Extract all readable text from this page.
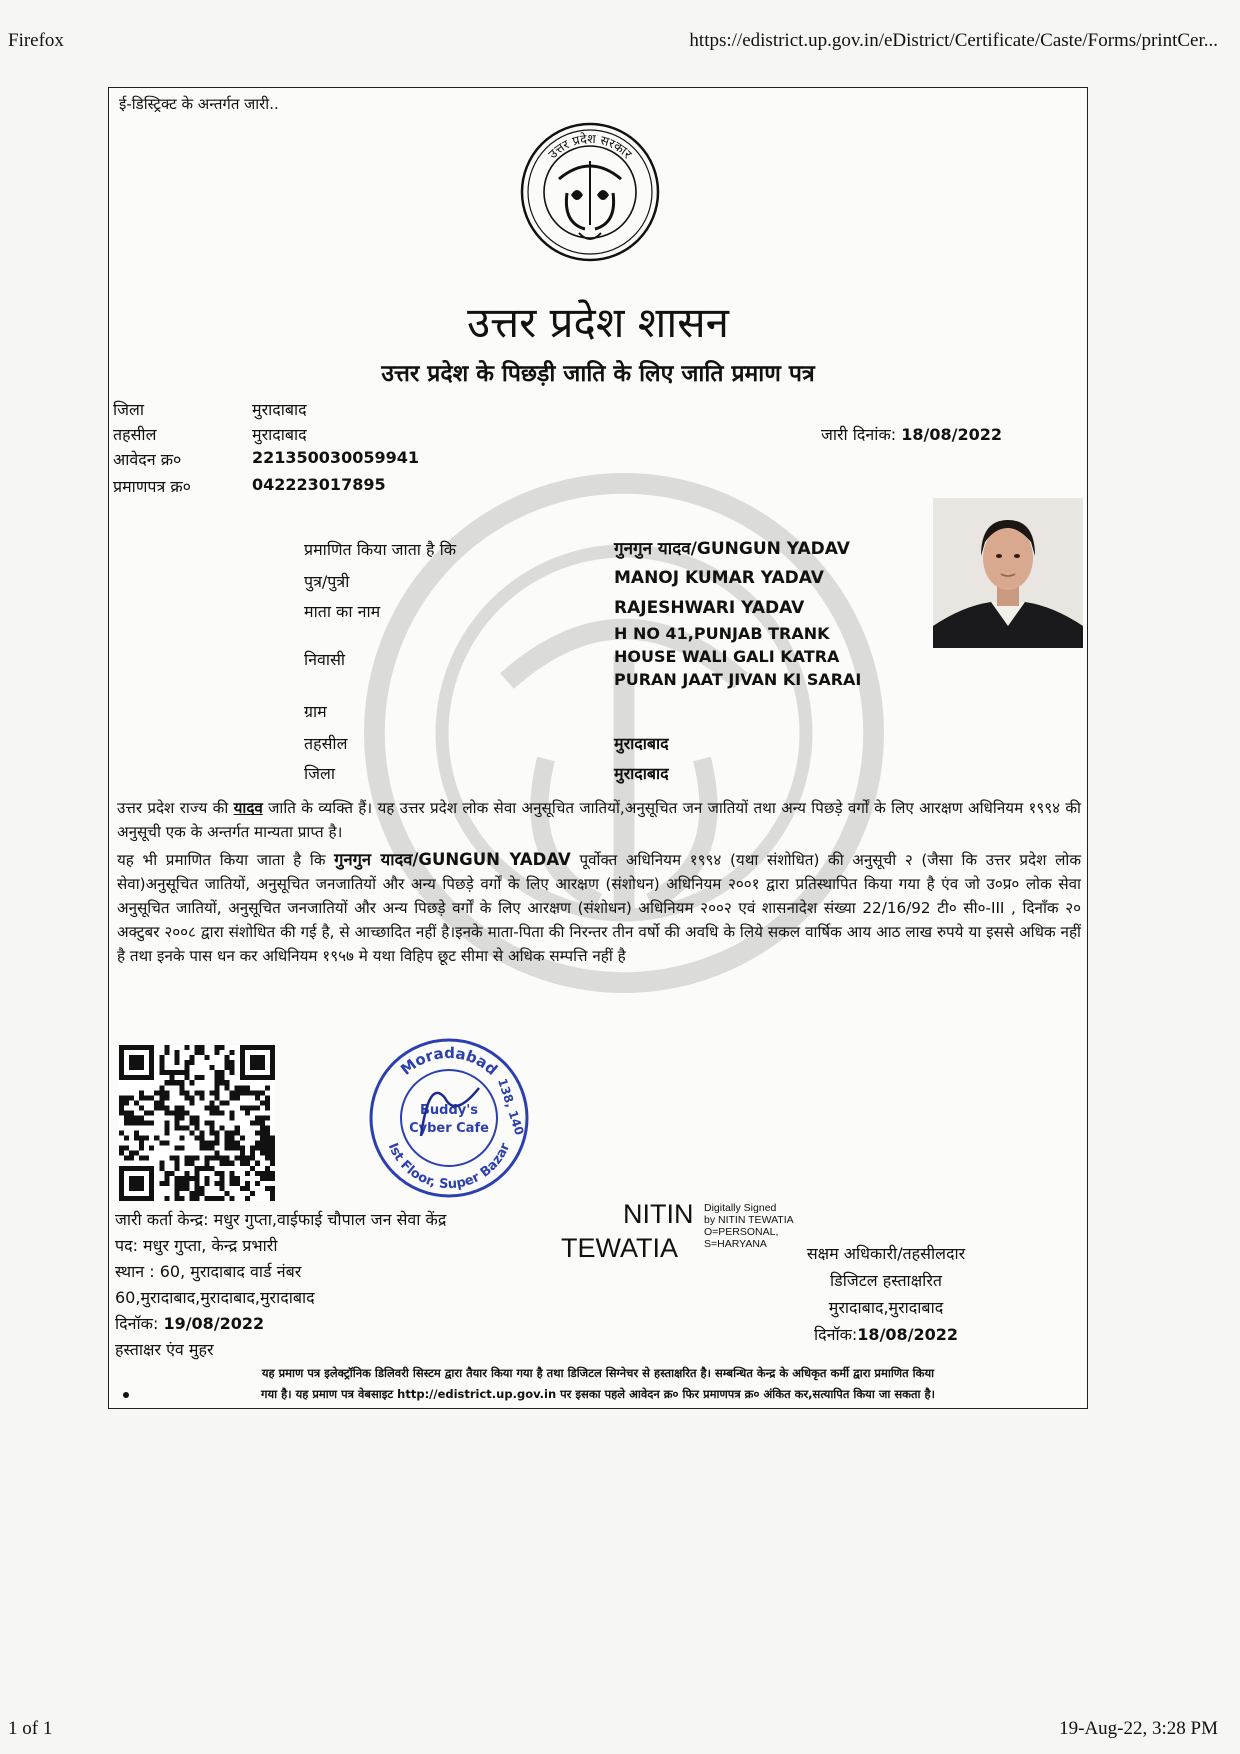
Firefox	https://edistrict.up.gov.in/eDistrict/Certificate/Caste/Forms/printCer...
ई-डिस्ट्रिक्ट के अन्तर्गत जारी..
उत्तर प्रदेश सरकार
उत्तर प्रदेश शासन
उत्तर प्रदेश के पिछड़ी जाति के लिए जाति प्रमाण पत्र
जिला	मुरादाबाद
तहसील	मुरादाबाद
आवेदन क्र०	22135003005994​1
प्रमाणपत्र क्र०	042223017895
जारी दिनांक: 18/08/2022
प्रमाणित किया जाता है कि	गुनगुन यादव/GUNGUN YADAV
पुत्र/पुत्री	MANOJ KUMAR YADAV
माता का नाम	RAJESHWARI YADAV
H NO 41,PUNJAB TRANK
निवासी	HOUSE WALI GALI KATRA
PURAN JAAT JIVAN KI SARAI
ग्राम
तहसील	मुरादाबाद
जिला	मुरादाबाद
उत्तर प्रदेश राज्य की यादव जाति के व्यक्ति हैं। यह उत्तर प्रदेश लोक सेवा अनुसूचित जातियों,अनुसूचित जन जातियों तथा अन्य पिछड़े वर्गों के लिए आरक्षण अधिनियम १९९४ की अनुसूची एक के अन्तर्गत मान्यता प्राप्त है।
यह भी प्रमाणित किया जाता है कि गुनगुन यादव/GUNGUN YADAV पूर्वोक्त अधिनियम १९९४ (यथा संशोधित) की अनुसूची २ (जैसा कि उत्तर प्रदेश लोक सेवा)अनुसूचित जातियों, अनुसूचित जनजातियों और अन्य पिछड़े वर्गों के लिए आरक्षण (संशोधन) अधिनियम २००१ द्वारा प्रतिस्थापित किया गया है एंव जो उ०प्र० लोक सेवा अनुसूचित जातियों, अनुसूचित जनजातियों और अन्य पिछड़े वर्गों के लिए आरक्षण (संशोधन) अधिनियम २००२ एवं शासनादेश संख्या 22/16/92 टी० सी०-III , दिनाँक २० अक्टुबर २००८ द्वारा संशोधित की गई है, से आच्छादित नहीं है।इनके माता-पिता की निरन्तर तीन वर्षो की अवधि के लिये सकल वार्षिक आय आठ लाख रुपये या इससे अधिक नहीं है तथा इनके पास धन कर अधिनियम १९५७ मे यथा विहिप छूट सीमा से अधिक सम्पत्ति नहीं है
Moradabad
Ist Floor, Super Bazar
138, 140
Buddy's
Cyber Cafe
जारी कर्ता केन्द्र: मधुर गुप्ता,वाईफाई चौपाल जन सेवा केंद्र
पद: मधुर गुप्ता, केन्द्र प्रभारी
स्थान : 60, मुरादाबाद वार्ड नंबर
60,मुरादाबाद,मुरादाबाद,मुरादाबाद
दिनॉक: 19/08/2022
हस्ताक्षर एंव मुहर
NITIN
TEWATIA
Digitally Signed
by NITIN TEWATIA
O=PERSONAL,
S=HARYANA	सक्षम अधिकारी/तहसीलदार
डिजिटल हस्ताक्षरित
मुरादाबाद,मुरादाबाद
दिनॉक:18/08/2022
यह प्रमाण पत्र इलेक्ट्रॉनिक डिलिवरी सिस्टम द्वारा तैयार किया गया है तथा डिजिटल सिग्नेचर से हस्ताक्षरित है। सम्बन्धित केन्द्र के अधिकृत कर्मी द्वारा प्रमाणित किया
गया है। यह प्रमाण पत्र वेबसाइट http://edistrict.up.gov.in पर इसका पहले आवेदन क्र० फिर प्रमाणपत्र क्र० अंकित कर,सत्यापित किया जा सकता है।
1 of 1	19-Aug-22, 3:28 PM
